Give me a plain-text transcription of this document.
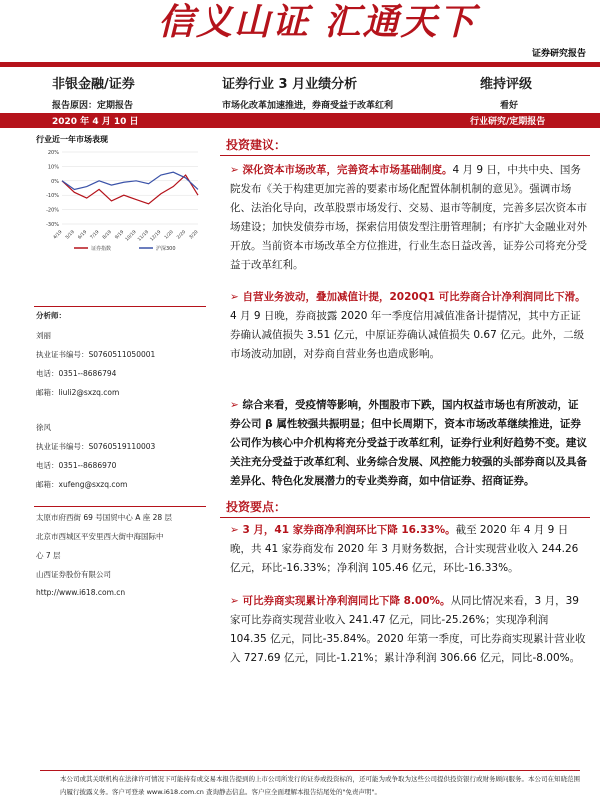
信义山证 汇通天下
证券研究报告
非银金融/证券	证券行业 3 月业绩分析	维持评级
报告原因：定期报告	市场化改革加速推进，券商受益于改革红利	看好
2020 年 4 月 10 日	行业研究/定期报告
行业近一年市场表现
20%
10%
0%
-10%
-20%
-30%
4/19 5/19 6/19 7/19 8/19 9/19 10/19 11/19 12/19 1/20 2/20 3/20
证券指数	沪深300
分析师：
刘丽
执业证书编号：S0760511050001
电话：0351--8686794
邮箱：liuli2@sxzq.com
徐风
执业证书编号：S0760519110003
电话：0351--8686970
邮箱：xufeng@sxzq.com
太原市府西街 69 号国贸中心 A 座 28 层
北京市西城区平安里西大街中海国际中
心 7 层
山西证券股份有限公司
http://www.i618.com.cn
投资建议：
➢ 深化资本市场改革，完善资本市场基础制度。4 月 9 日，中共中央、国务院发布《关于构建更加完善的要素市场化配置体制机制的意见》。强调市场化、法治化导向，改革股票市场发行、交易、退市等制度，完善多层次资本市场建设；加快发债券市场，探索信用债发型注册管理制；有序扩大金融业对外开放。当前资本市场改革全方位推进，行业生态日益改善，证券公司将充分受益于改革红利。
➢ 自营业务波动，叠加减值计提，2020Q1 可比券商合计净利润同比下滑。4 月 9 日晚，券商披露 2020 年一季度信用减值准备计提情况，其中方正证券确认减值损失 3.51 亿元，中原证券确认减值损失 0.67 亿元。此外，二级市场波动加剧，对券商自营业务也造成影响。
➢ 综合来看，受疫情等影响，外围股市下跌，国内权益市场也有所波动，证券公司 β 属性较强共振明显；但中长周期下，资本市场改革继续推进，证券公司作为核心中介机构将充分受益于改革红利，证券行业利好趋势不变。建议关注充分受益于改革红利、业务综合发展、风控能力较强的头部券商以及具备差异化、特色化发展潜力的专业类券商，如中信证券、招商证券。
投资要点：
➢ 3 月，41 家券商净利润环比下降 16.33%。截至 2020 年 4 月 9 日晚，共 41 家券商发布 2020 年 3 月财务数据，合计实现营业收入 244.26 亿元，环比-16.33%；净利润 105.46 亿元，环比-16.33%。
➢ 可比券商实现累计净利润同比下降 8.00%。从同比情况来看，3 月，39 家可比券商实现营业收入 241.47 亿元，同比-25.26%；实现净利润 104.35 亿元，同比-35.84%。2020 年第一季度，可比券商实现累计营业收入 727.69 亿元，同比-1.21%；累计净利润 306.66 亿元，同比-8.00%。
本公司或其关联机构在法律许可情况下可能持有或交易本报告提到的上市公司所发行的证券或投资标的，还可能为或争取为这些公司提供投资银行或财务顾问服务。本公司在知晓范围内履行披露义务。客户可登录 www.i618.com.cn 查询静态信息。客户应全面理解本报告结尾处的"免责声明"。
